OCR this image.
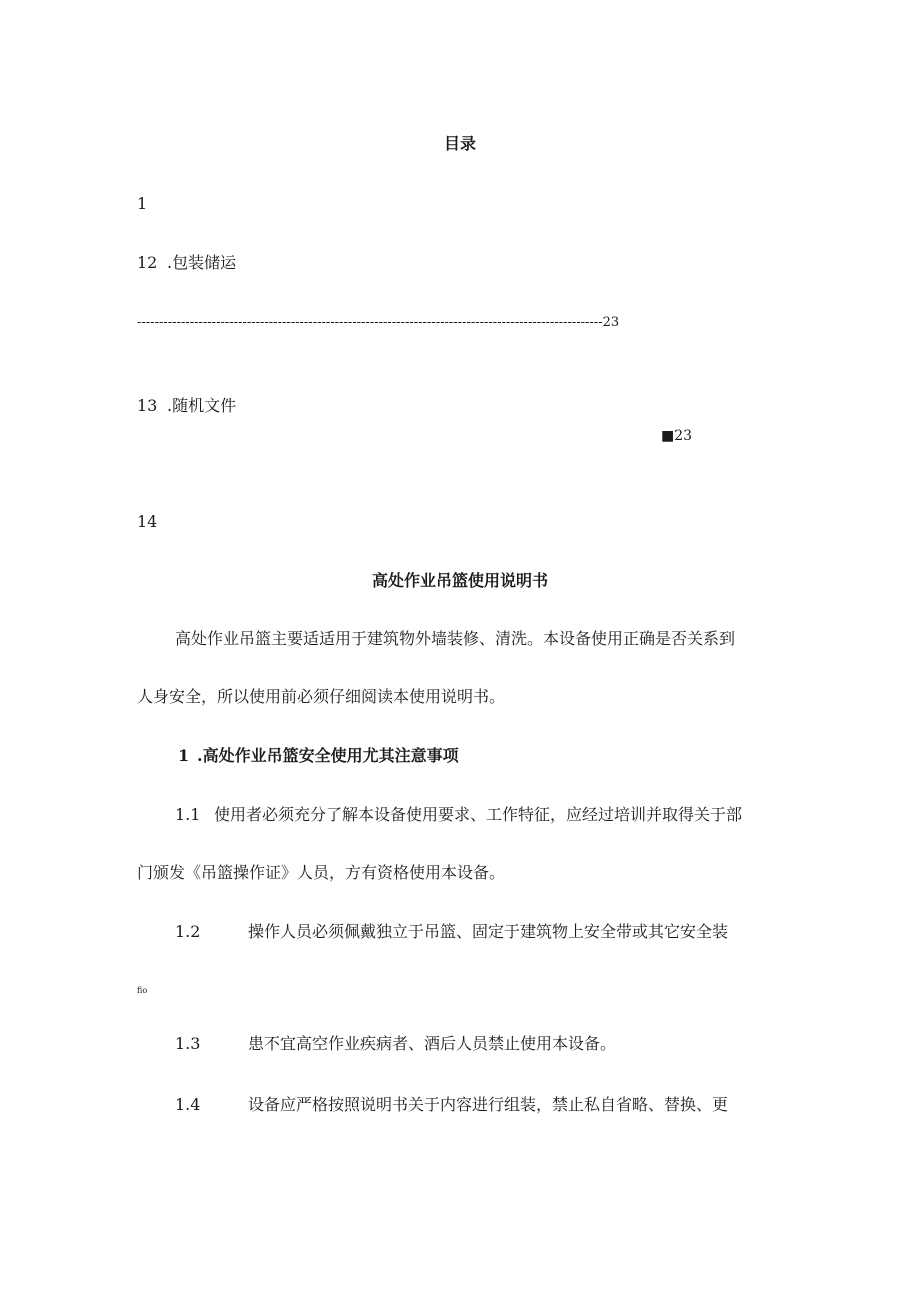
目录
1
12 .包装储运
----------------------------------------------------------------------------------------------------------23
13 .随机文件
■23
14
高处作业吊篮使用说明书
高处作业吊篮主要适适用于建筑物外墙装修、清洗。本设备使用正确是否关系到
人身安全，所以使用前必须仔细阅读本使用说明书。
1 .高处作业吊篮安全使用尤其注意事项
1.1 使用者必须充分了解本设备使用要求、工作特征，应经过培训并取得关于部
门颁发《吊篮操作证》人员，方有资格使用本设备。
1.2	操作人员必须佩戴独立于吊篮、固定于建筑物上安全带或其它安全装
fio
1.3	患不宜高空作业疾病者、酒后人员禁止使用本设备。
1.4	设备应严格按照说明书关于内容进行组装，禁止私自省略、替换、更
